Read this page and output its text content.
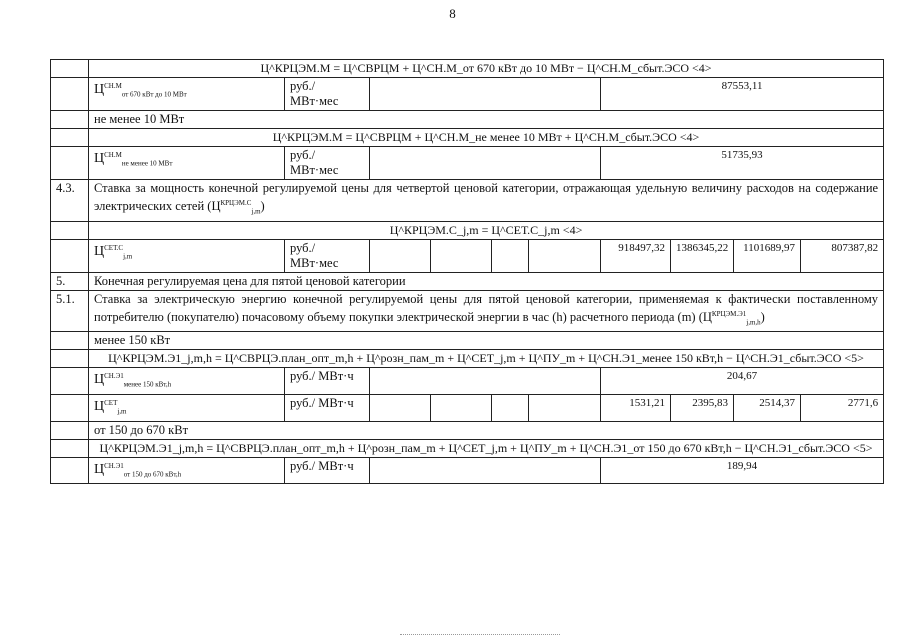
8
	Ц^КРЦЭМ.М = Ц^СВРЦМ + Ц^СН.М_от 670 кВт до 10 МВт − Ц^СН.М_сбыт.ЭСО <4>									
	$Ц^{СН.М}_{от 670 кВт до 10 МВт}$	руб./ МВт·мес					87553,11			
	не менее 10 МВт									
	Ц^КРЦЭМ.М = Ц^СВРЦМ + Ц^СН.М_не менее 10 МВт + Ц^СН.М_сбыт.ЭСО <4>									
	$Ц^{СН.М}_{не менее 10 МВт}$	руб./ МВт·мес					51735,93			
4.3.	Ставка за мощность конечной регулируемой цены для четвертой ценовой категории, отражающая удельную величину расходов на содержание электрических сетей $(Ц^{КРЦЭМ.С}_{j,m})$									
	Ц^КРЦЭМ.С_j,m = Ц^СЕТ.С_j,m <4>									
	$Ц^{СЕТ.С}_{j,m}$	руб./ МВт·мес					918497,32	1386345,22	1101689,97	807387,82
5.	Конечная регулируемая цена для пятой ценовой категории									
5.1.	Ставка за электрическую энергию конечной регулируемой цены для пятой ценовой категории, применяемая к фактически поставленному потребителю (покупателю) почасовому объему покупки электрической энергии в час (h) расчетного периода (m) $(Ц^{КРЦЭМ.Э1}_{j,m,h})$									
	менее 150 кВт									
	Ц^КРЦЭМ.Э1_j,m,h = Ц^СВРЦЭ.план_опт_m,h + Ц^розн_пам_m + Ц^СЕТ_j,m + Ц^ПУ_m + Ц^СН.Э1_менее 150 кВт,h − Ц^СН.Э1_сбыт.ЭСО <5>									
	$Ц^{СН.Э1}_{менее 150 кВт,h}$	руб./ МВт·ч					204,67			
	$Ц^{СЕТ}_{j,m}$	руб./ МВт·ч					1531,21	2395,83	2514,37	2771,6
	от 150 до 670 кВт									
	Ц^КРЦЭМ.Э1_j,m,h = Ц^СВРЦЭ.план_опт_m,h + Ц^розн_пам_m + Ц^СЕТ_j,m + Ц^ПУ_m + Ц^СН.Э1_от 150 до 670 кВт,h − Ц^СН.Э1_сбыт.ЭСО <5>									
	$Ц^{СН.Э1}_{от 150 до 670 кВт,h}$	руб./ МВт·ч					189,94			
